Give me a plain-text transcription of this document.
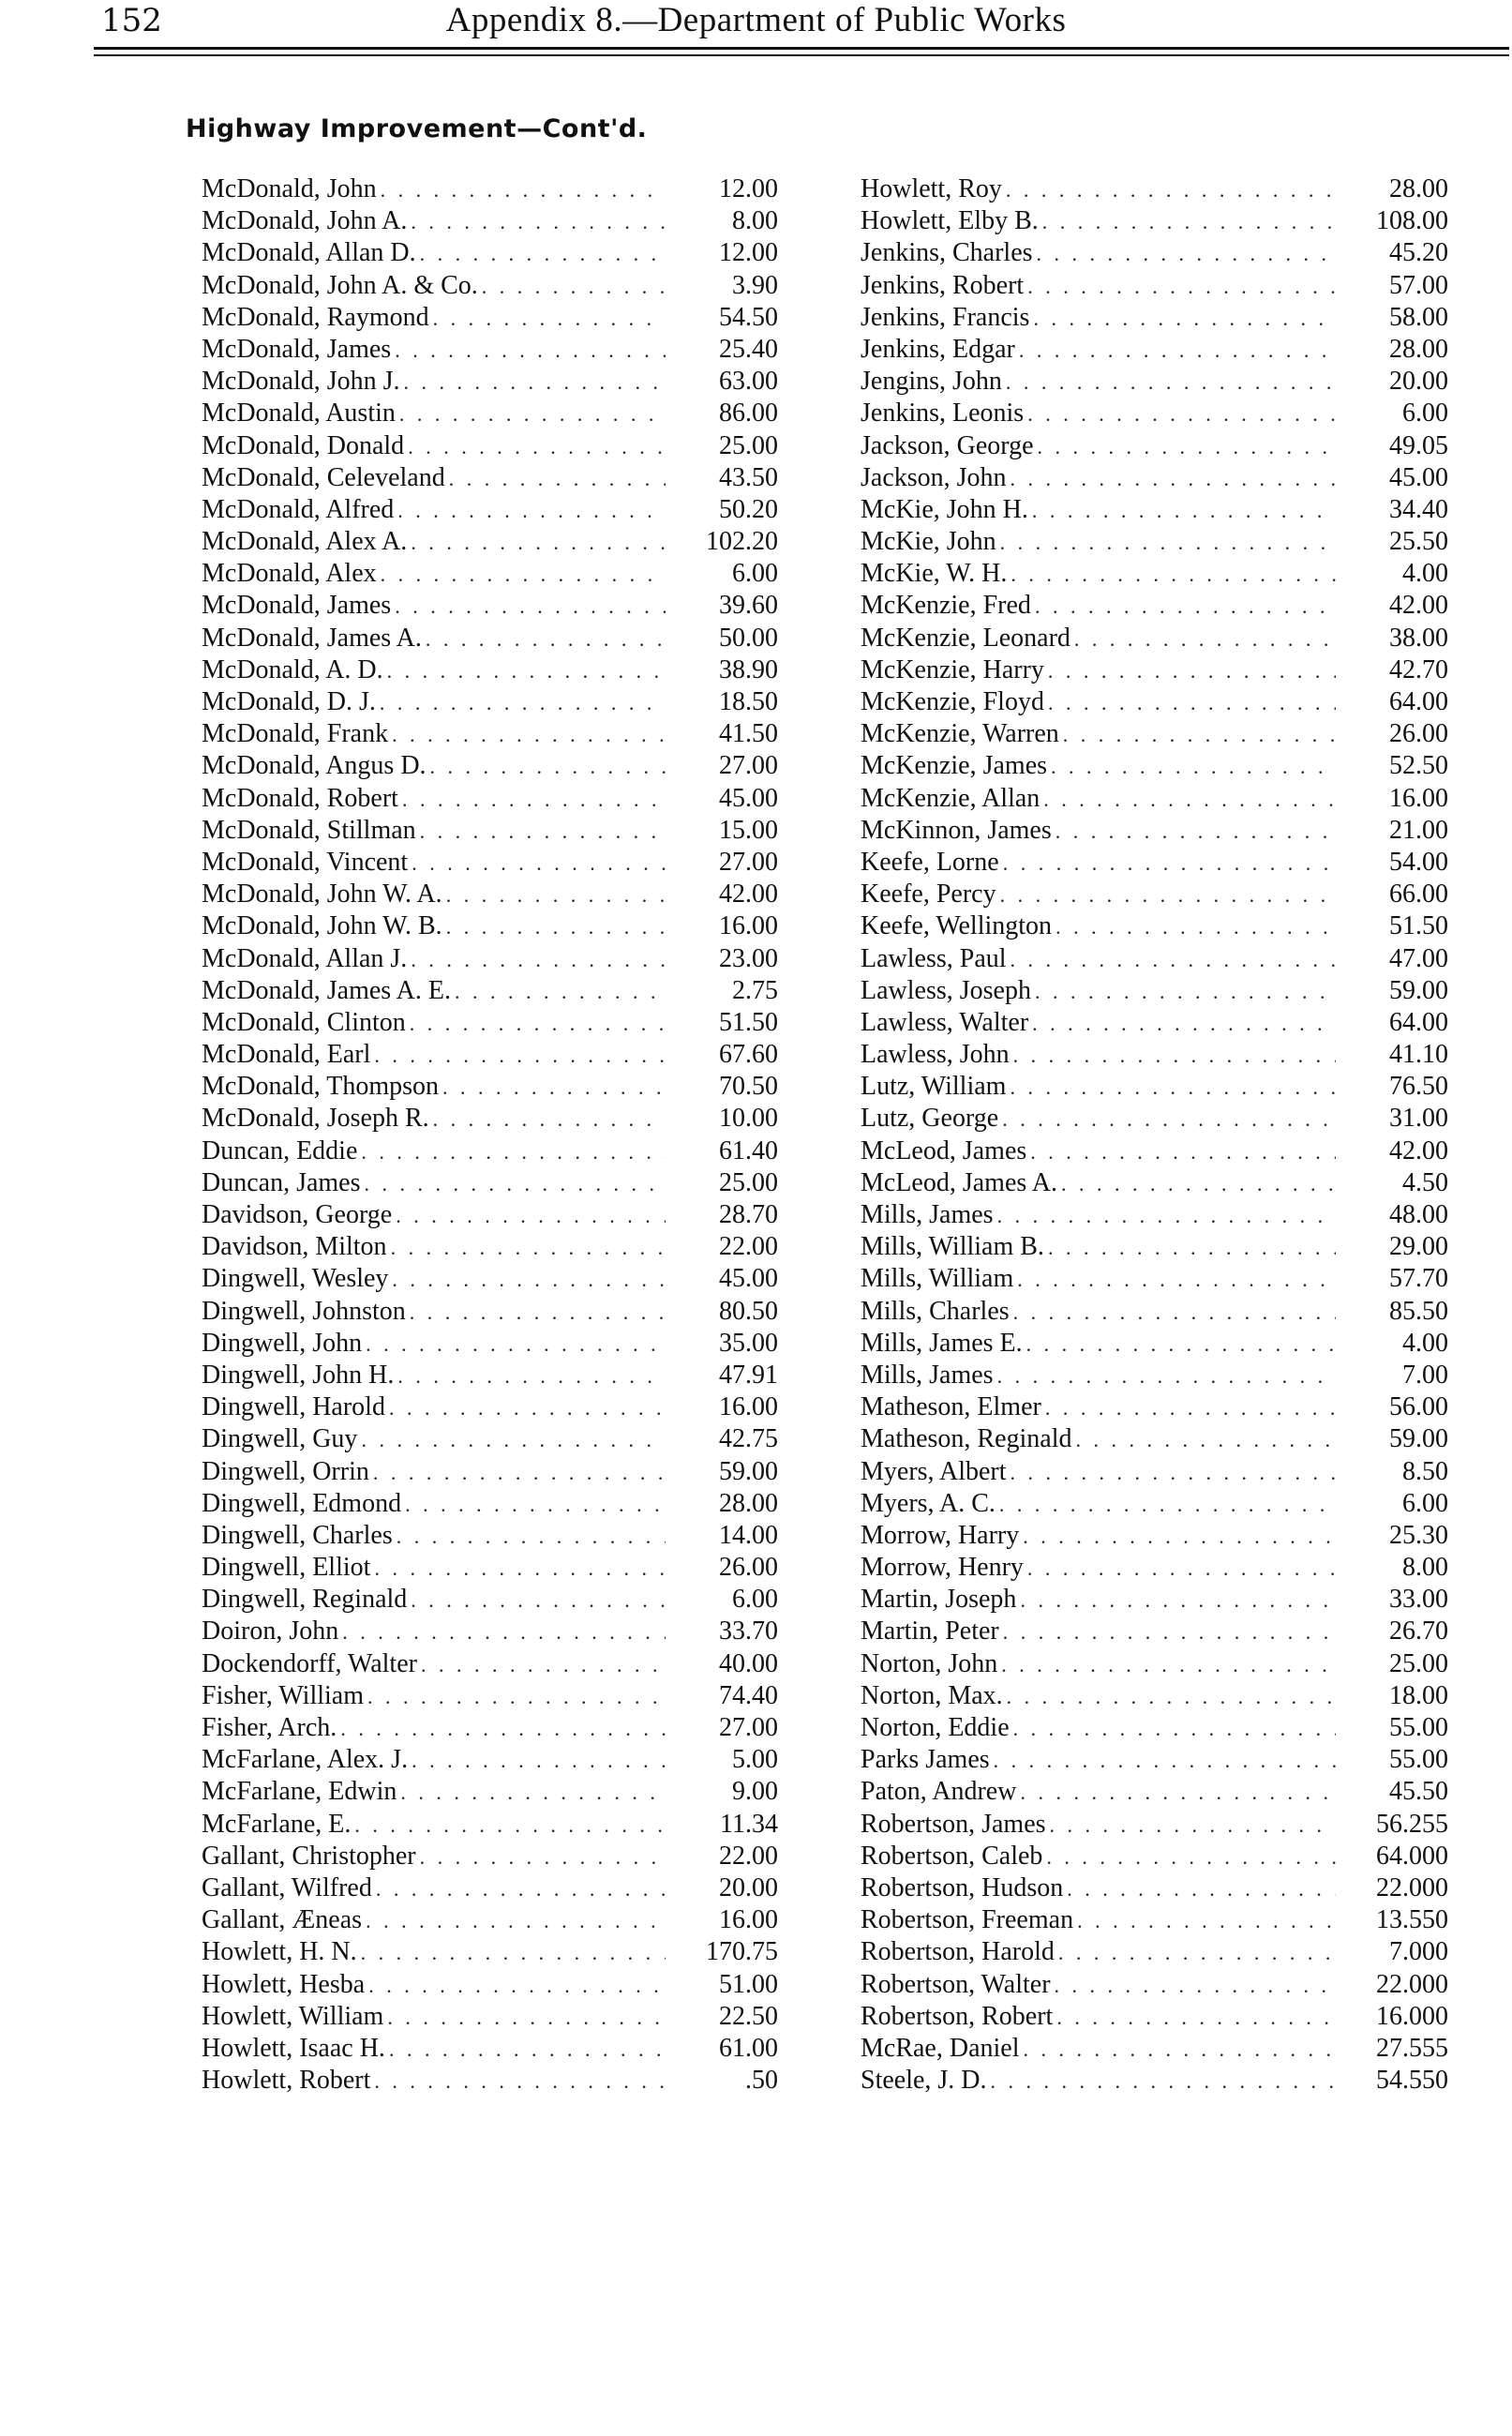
152	Appendix 8.—Department of Public Works
Highway Improvement—Cont'd.
McDonald, John . . .	12.00
McDonald, John A. . . .	8.00
McDonald, Allan D. . . .	12.00
McDonald, John A. & Co. . . .	3.90
McDonald, Raymond . . .	54.50
McDonald, James . . .	25.40
McDonald, John J. . . .	63.00
McDonald, Austin . . .	86.00
McDonald, Donald . . .	25.00
McDonald, Celeveland . . .	43.50
McDonald, Alfred . . .	50.20
McDonald, Alex A. . . .	102.20
McDonald, Alex . . .	6.00
McDonald, James . . .	39.60
McDonald, James A. . . .	50.00
McDonald, A. D. . . .	38.90
McDonald, D. J. . . .	18.50
McDonald, Frank . . .	41.50
McDonald, Angus D. . . .	27.00
McDonald, Robert . . .	45.00
McDonald, Stillman . . .	15.00
McDonald, Vincent . . .	27.00
McDonald, John W. A. . . .	42.00
McDonald, John W. B. . . .	16.00
McDonald, Allan J. . . .	23.00
McDonald, James A. E. . . .	2.75
McDonald, Clinton . . .	51.50
McDonald, Earl . . .	67.60
McDonald, Thompson . . .	70.50
McDonald, Joseph R. . . .	10.00
Duncan, Eddie . . .	61.40
Duncan, James . . .	25.00
Davidson, George . . .	28.70
Davidson, Milton . . .	22.00
Dingwell, Wesley . . .	45.00
Dingwell, Johnston . . .	80.50
Dingwell, John . . .	35.00
Dingwell, John H. . . .	47.91
Dingwell, Harold . . .	16.00
Dingwell, Guy . . .	42.75
Dingwell, Orrin . . .	59.00
Dingwell, Edmond . . .	28.00
Dingwell, Charles . . .	14.00
Dingwell, Elliot . . .	26.00
Dingwell, Reginald . . .	6.00
Doiron, John . . .	33.70
Dockendorff, Walter . . .	40.00
Fisher, William . . .	74.40
Fisher, Arch. . . .	27.00
McFarlane, Alex. J. . . .	5.00
McFarlane, Edwin . . .	9.00
McFarlane, E. . . .	11.34
Gallant, Christopher . . .	22.00
Gallant, Wilfred . . .	20.00
Gallant, Æneas . . .	16.00
Howlett, H. N. . . .	170.75
Howlett, Hesba . . .	51.00
Howlett, William . . .	22.50
Howlett, Isaac H. . . .	61.00
Howlett, Robert . . .	.50
Howlett, Roy . . .	28.00
Howlett, Elby B. . . .	108.00
Jenkins, Charles . . .	45.20
Jenkins, Robert . . .	57.00
Jenkins, Francis . . .	58.00
Jenkins, Edgar . . .	28.00
Jengins, John . . .	20.00
Jenkins, Leonis . . .	6.00
Jackson, George . . .	49.05
Jackson, John . . .	45.00
McKie, John H. . . .	34.40
McKie, John . . .	25.50
McKie, W. H. . . .	4.00
McKenzie, Fred . . .	42.00
McKenzie, Leonard . . .	38.00
McKenzie, Harry . . .	42.70
McKenzie, Floyd . . .	64.00
McKenzie, Warren . . .	26.00
McKenzie, James . . .	52.50
McKenzie, Allan . . .	16.00
McKinnon, James . . .	21.00
Keefe, Lorne . . .	54.00
Keefe, Percy . . .	66.00
Keefe, Wellington . . .	51.50
Lawless, Paul . . .	47.00
Lawless, Joseph . . .	59.00
Lawless, Walter . . .	64.00
Lawless, John . . .	41.10
Lutz, William . . .	76.50
Lutz, George . . .	31.00
McLeod, James . . .	42.00
McLeod, James A. . . .	4.50
Mills, James . . .	48.00
Mills, William B. . . .	29.00
Mills, William . . .	57.70
Mills, Charles . . .	85.50
Mills, James E. . . .	4.00
Mills, James . . .	7.00
Matheson, Elmer . . .	56.00
Matheson, Reginald . . .	59.00
Myers, Albert . . .	8.50
Myers, A. C. . . .	6.00
Morrow, Harry . . .	25.30
Morrow, Henry . . .	8.00
Martin, Joseph . . .	33.00
Martin, Peter . . .	26.70
Norton, John . . .	25.00
Norton, Max. . . .	18.00
Norton, Eddie . . .	55.00
Parks James . . .	55.00
Paton, Andrew . . .	45.50
Robertson, James . . .	56.255
Robertson, Caleb . . .	64.000
Robertson, Hudson . . .	22.000
Robertson, Freeman . . .	13.550
Robertson, Harold . . .	7.000
Robertson, Walter . . .	22.000
Robertson, Robert . . .	16.000
McRae, Daniel . . .	27.555
Steele, J. D. . . .	54.550
